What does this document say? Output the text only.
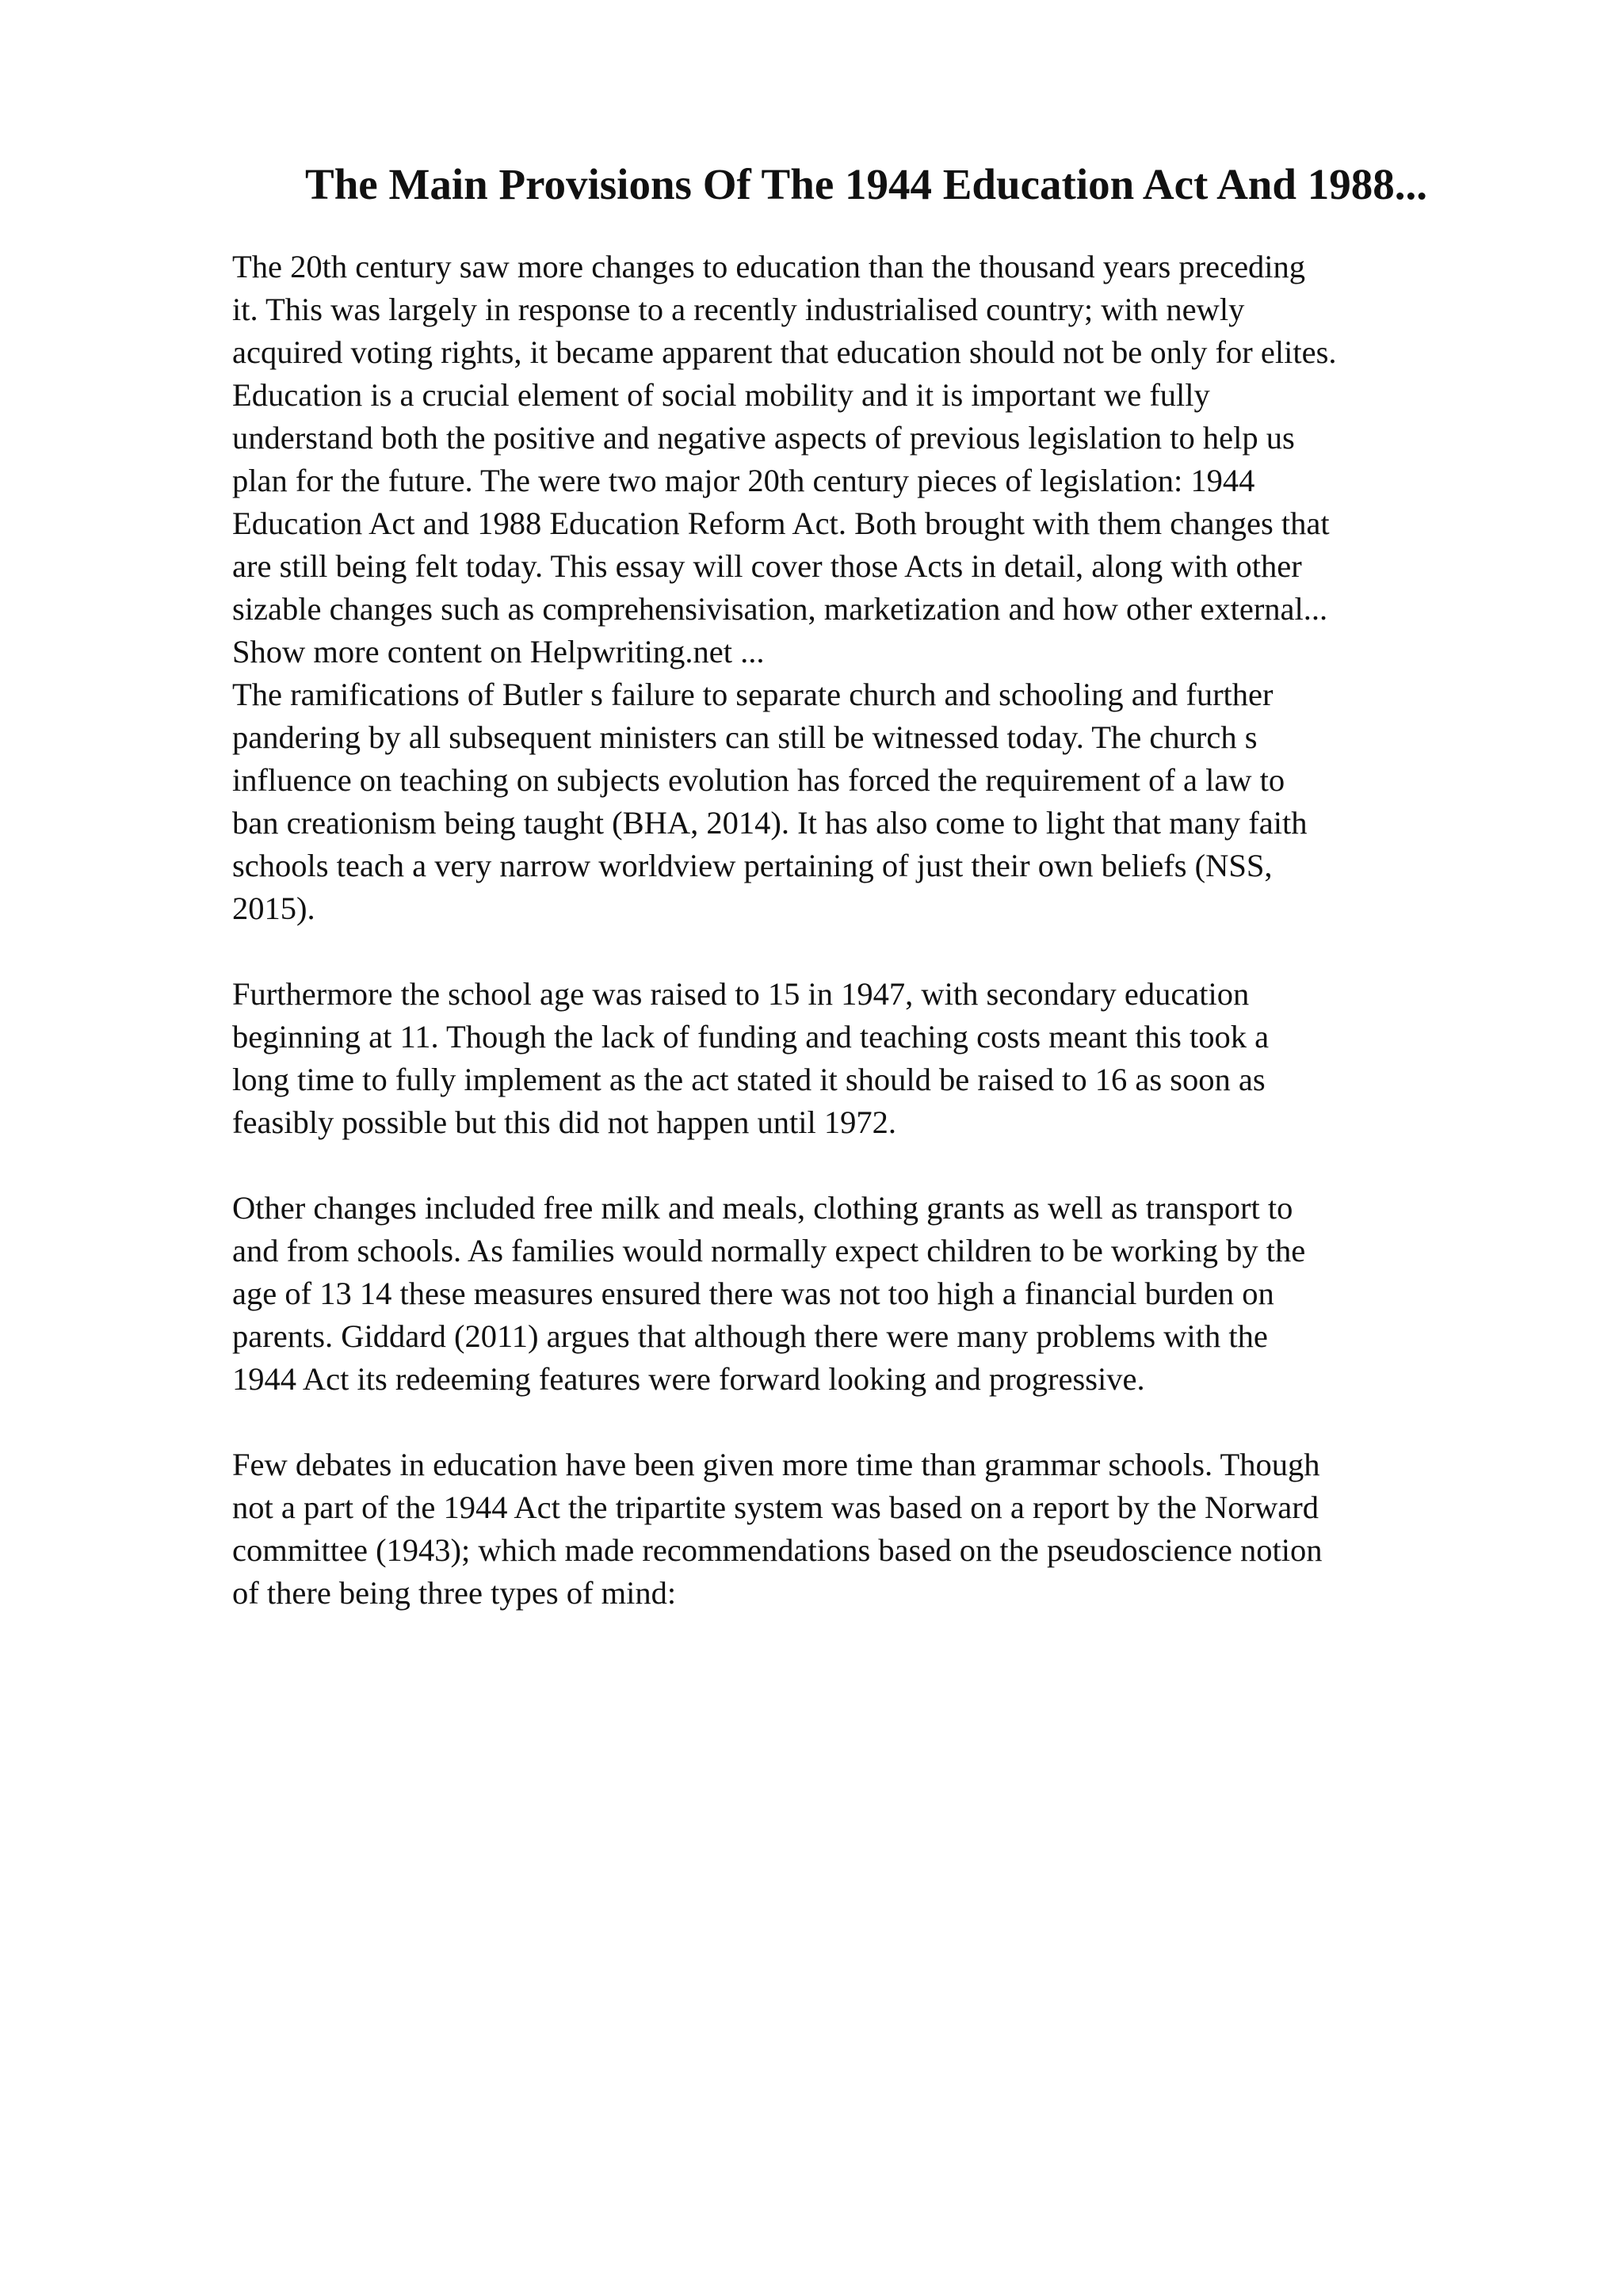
The Main Provisions Of The 1944 Education Act And 1988...

The 20th century saw more changes to education than the thousand years preceding
it. This was largely in response to a recently industrialised country; with newly
acquired voting rights, it became apparent that education should not be only for elites.
Education is a crucial element of social mobility and it is important we fully
understand both the positive and negative aspects of previous legislation to help us
plan for the future. The were two major 20th century pieces of legislation: 1944
Education Act and 1988 Education Reform Act. Both brought with them changes that
are still being felt today. This essay will cover those Acts in detail, along with other
sizable changes such as comprehensivisation, marketization and how other external...
Show more content on Helpwriting.net ...

The ramifications of Butler s failure to separate church and schooling and further
pandering by all subsequent ministers can still be witnessed today. The church s
influence on teaching on subjects evolution has forced the requirement of a law to
ban creationism being taught (BHA, 2014). It has also come to light that many faith
schools teach a very narrow worldview pertaining of just their own beliefs (NSS,
2015).

Furthermore the school age was raised to 15 in 1947, with secondary education
beginning at 11. Though the lack of funding and teaching costs meant this took a
long time to fully implement as the act stated it should be raised to 16 as soon as
feasibly possible but this did not happen until 1972.

Other changes included free milk and meals, clothing grants as well as transport to
and from schools. As families would normally expect children to be working by the
age of 13 14 these measures ensured there was not too high a financial burden on
parents. Giddard (2011) argues that although there were many problems with the
1944 Act its redeeming features were forward looking and progressive.

Few debates in education have been given more time than grammar schools. Though
not a part of the 1944 Act the tripartite system was based on a report by the Norward
committee (1943); which made recommendations based on the pseudoscience notion
of there being three types of mind:
